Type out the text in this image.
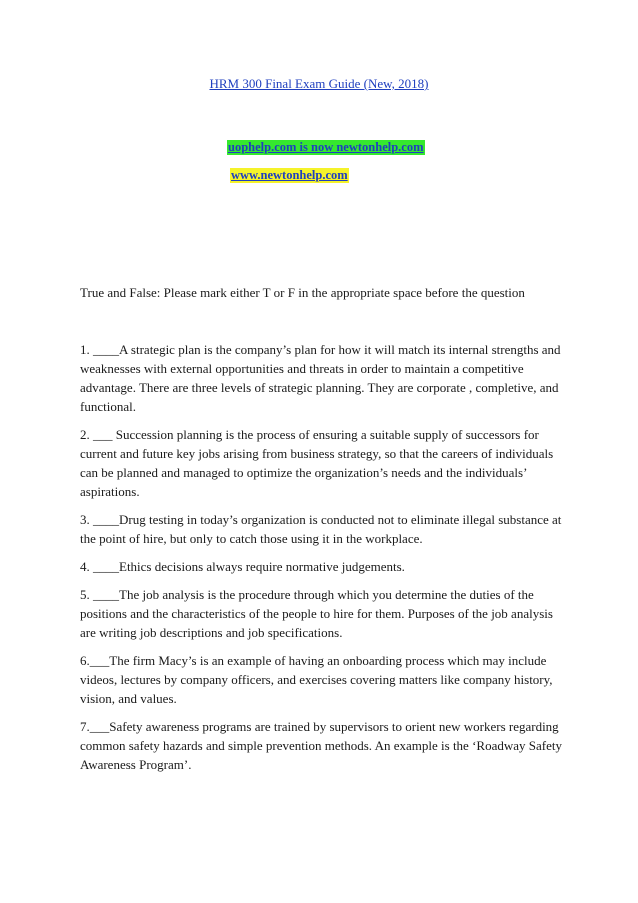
HRM 300 Final Exam Guide (New, 2018)
uophelp.com is now newtonhelp.com
www.newtonhelp.com

True and False: Please mark either T or F in the appropriate space before the question

1. ____A strategic plan is the company’s plan for how it will match its internal strengths and weaknesses with external opportunities and threats in order to maintain a competitive advantage. There are three levels of strategic planning. They are corporate , completive, and functional.
2. ___ Succession planning is the process of ensuring a suitable supply of successors for current and future key jobs arising from business strategy, so that the careers of individuals can be planned and managed to optimize the organization’s needs and the individuals’ aspirations.
3. ____Drug testing in today’s organization is conducted not to eliminate illegal substance at the point of hire, but only to catch those using it in the workplace.
4. ____Ethics decisions always require normative judgements.
5. ____The job analysis is the procedure through which you determine the duties of the positions and the characteristics of the people to hire for them. Purposes of the job analysis are writing job descriptions and job specifications.
6.___The firm Macy’s is an example of having an onboarding process which may include videos, lectures by company officers, and exercises covering matters like company history, vision, and values.
7.___Safety awareness programs are trained by supervisors to orient new workers regarding common safety hazards and simple prevention methods. An example is the ‘Roadway Safety Awareness Program’.
